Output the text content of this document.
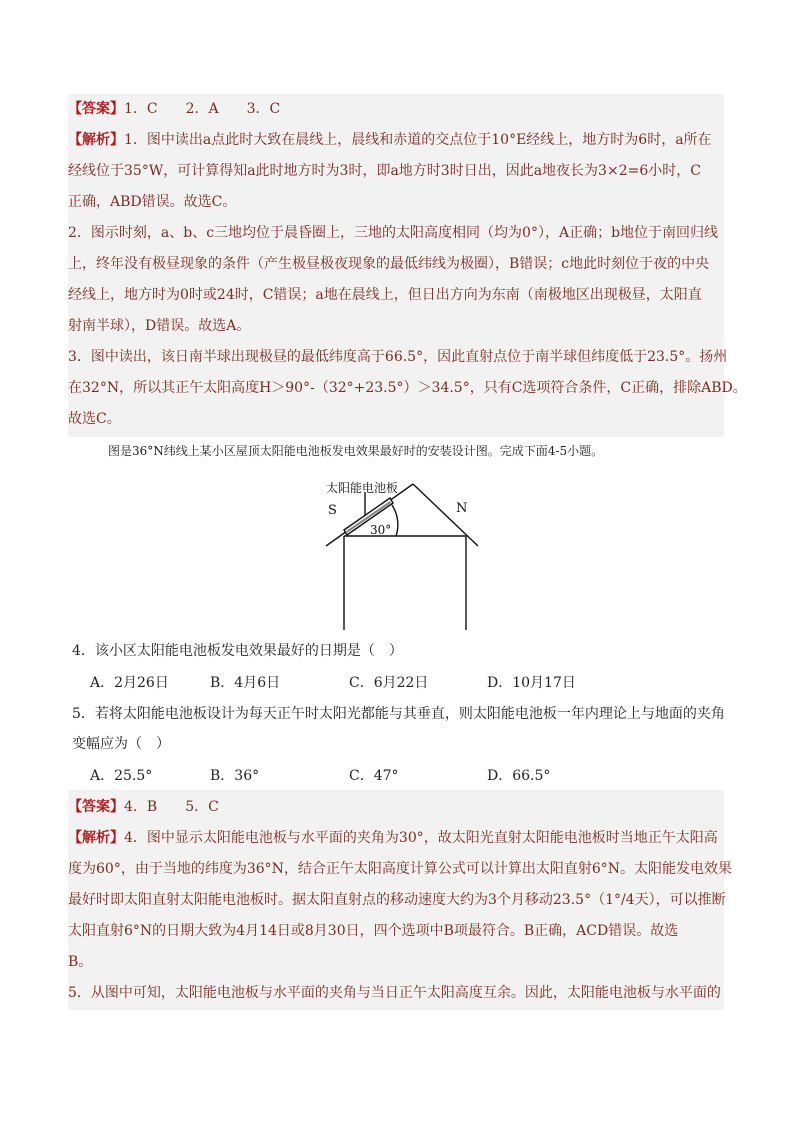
【答案】1．C　　2．A　　3．C
【解析】1．图中读出a点此时大致在晨线上，晨线和赤道的交点位于10°E经线上，地方时为6时，a所在
经线位于35°W，可计算得知a此时地方时为3时，即a地方时3时日出，因此a地夜长为3×2=6小时，C
正确，ABD错误。故选C。
2．图示时刻，a、b、c三地均位于晨昏圈上，三地的太阳高度相同（均为0°），A正确；b地位于南回归线
上，终年没有极昼现象的条件（产生极昼极夜现象的最低纬线为极圈），B错误；c地此时刻位于夜的中央
经线上，地方时为0时或24时，C错误；a地在晨线上，但日出方向为东南（南极地区出现极昼，太阳直
射南半球），D错误。故选A。
3．图中读出，该日南半球出现极昼的最低纬度高于66.5°，因此直射点位于南半球但纬度低于23.5°。扬州
在32°N，所以其正午太阳高度H＞90°-（32°+23.5°）＞34.5°，只有C选项符合条件，C正确，排除ABD。
故选C。
图是36°N纬线上某小区屋顶太阳能电池板发电效果最好时的安装设计图。完成下面4-5小题。
太阳能电池板
S	N
30°
4．该小区太阳能电池板发电效果最好的日期是（　）
A．2月26日	B．4月6日	C．6月22日	D．10月17日
5．若将太阳能电池板设计为每天正午时太阳光都能与其垂直，则太阳能电池板一年内理论上与地面的夹角
变幅应为（　）
A．25.5°	B．36°	C．47°	D．66.5°
【答案】4．B　　5．C
【解析】4．图中显示太阳能电池板与水平面的夹角为30°，故太阳光直射太阳能电池板时当地正午太阳高
度为60°，由于当地的纬度为36°N，结合正午太阳高度计算公式可以计算出太阳直射6°N。太阳能发电效果
最好时即太阳直射太阳能电池板时。据太阳直射点的移动速度大约为3个月移动23.5°（1°/4天），可以推断
太阳直射6°N的日期大致为4月14日或8月30日，四个选项中B项最符合。B正确，ACD错误。故选
B。
5．从图中可知，太阳能电池板与水平面的夹角与当日正午太阳高度互余。因此，太阳能电池板与水平面的
